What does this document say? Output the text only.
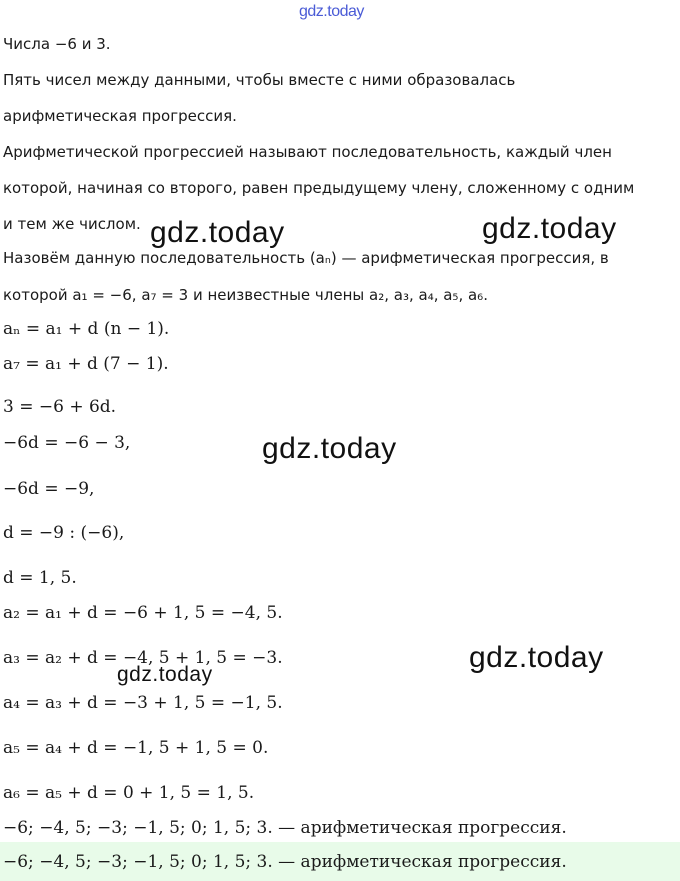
gdz.today
Числа −6 и 3.
Пять чисел между данными, чтобы вместе с ними образовалась
арифметическая прогрессия.
Арифметической прогрессией называют последовательность, каждый член
которой, начиная со второго, равен предыдущему члену, сложенному с одним
и тем же числом.
Назовём данную последовательность (aₙ) — арифметическая прогрессия, в
которой a₁ = −6, a₇ = 3 и неизвестные члены a₂, a₃, a₄, a₅, a₆.
aₙ = a₁ + d (n − 1).
a₇ = a₁ + d (7 − 1).
3 = −6 + 6d.
−6d = −6 − 3,
−6d = −9,
d = −9 : (−6),
d = 1, 5.
a₂ = a₁ + d = −6 + 1, 5 = −4, 5.
a₃ = a₂ + d = −4, 5 + 1, 5 = −3.
a₄ = a₃ + d = −3 + 1, 5 = −1, 5.
a₅ = a₄ + d = −1, 5 + 1, 5 = 0.
a₆ = a₅ + d = 0 + 1, 5 = 1, 5.
−6; −4, 5; −3; −1, 5; 0; 1, 5; 3. — арифметическая прогрессия.
−6; −4, 5; −3; −1, 5; 0; 1, 5; 3. — арифметическая прогрессия.
gdz.today	gdz.today
gdz.today
gdz.today
gdz.today
